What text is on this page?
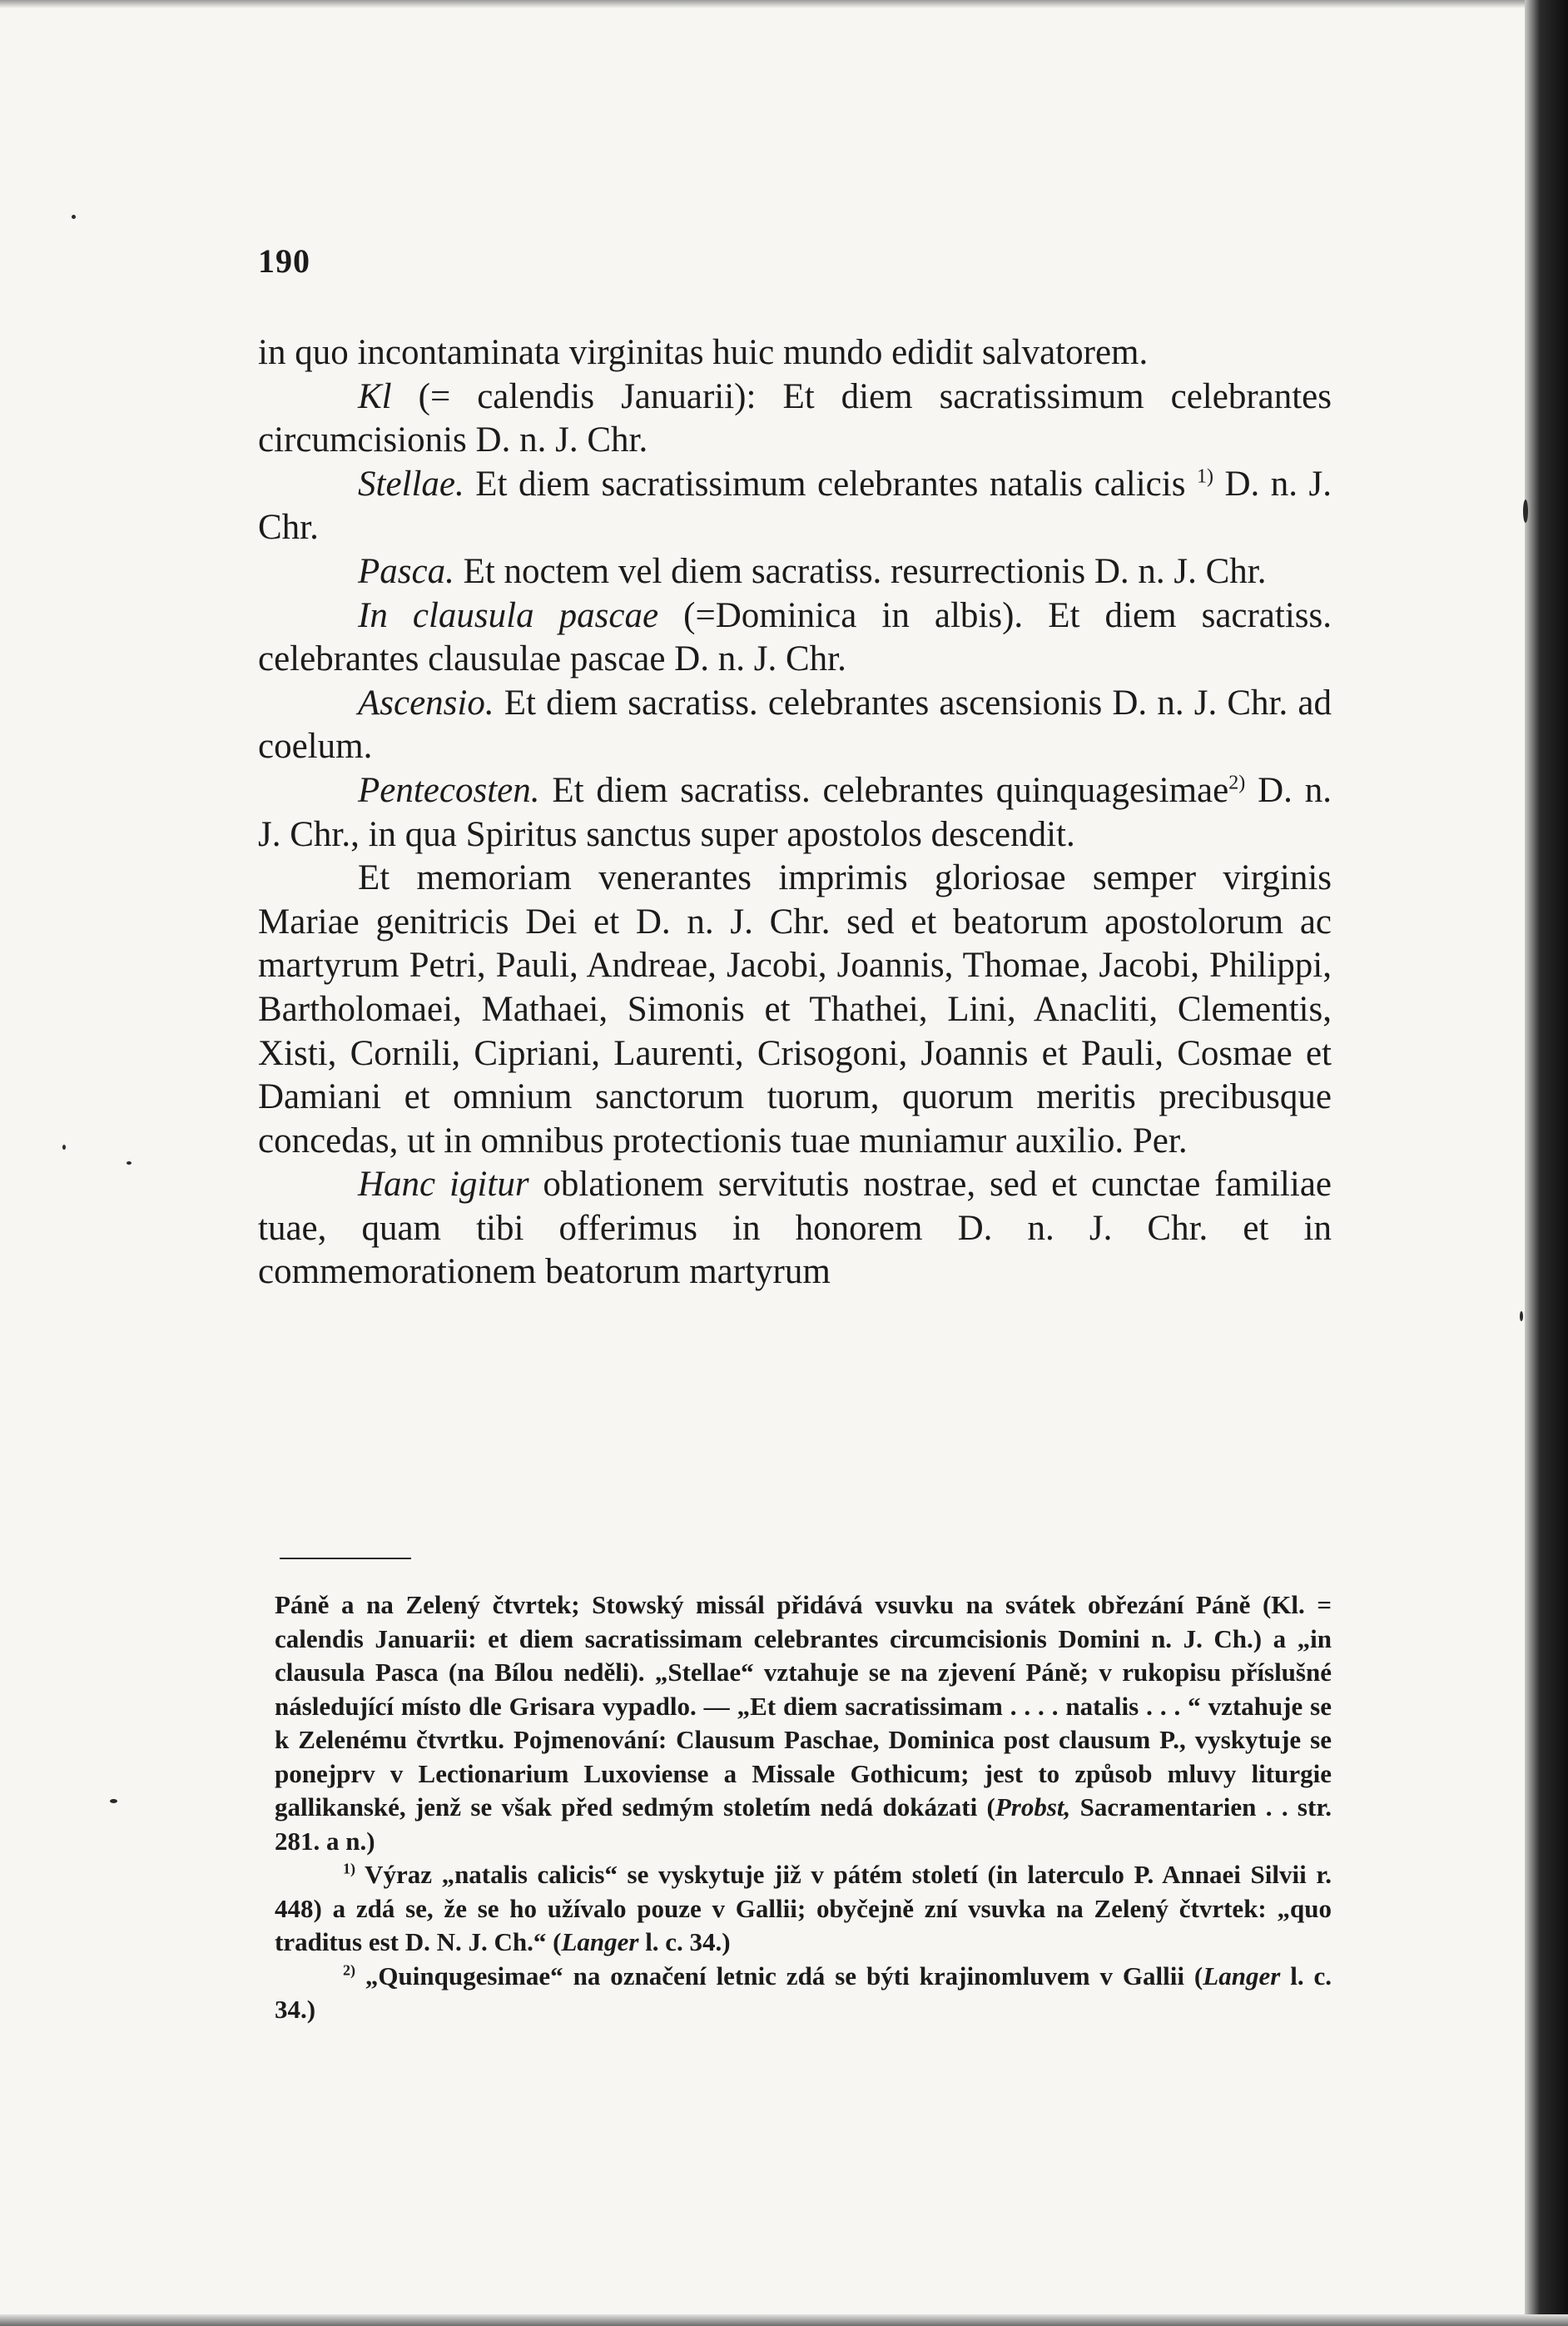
190

in quo incontaminata virginitas huic mundo edidit salvatorem.

Kl (= calendis Januarii): Et diem sacratissimum celebrantes circumcisionis D. n. J. Chr.

Stellae. Et diem sacratissimum celebrantes natalis calicis $^{1)}$ D. n. J. Chr.

Pasca. Et noctem vel diem sacratiss. resurrectionis D. n. J. Chr.

In clausula pascae (=Dominica in albis). Et diem sacratiss. celebrantes clausulae pascae D. n. J. Chr.

Ascensio. Et diem sacratiss. celebrantes ascensionis D. n. J. Chr. ad coelum.

Pentecosten. Et diem sacratiss. celebrantes quinquagesimae$^{2)}$ D. n. J. Chr., in qua Spiritus sanctus super apostolos descendit.

Et memoriam venerantes imprimis gloriosae semper virginis Mariae genitricis Dei et D. n. J. Chr. sed et beatorum apostolorum ac martyrum Petri, Pauli, Andreae, Jacobi, Joannis, Thomae, Jacobi, Philippi, Bartholomaei, Mathaei, Simonis et Thathei, Lini, Anacliti, Clementis, Xisti, Cornili, Cipriani, Laurenti, Crisogoni, Joannis et Pauli, Cosmae et Damiani et omnium sanctorum tuorum, quorum meritis precibusque concedas, ut in omnibus protectionis tuae muniamur auxilio. Per.

Hanc igitur oblationem servitutis nostrae, sed et cunctae familiae tuae, quam tibi offerimus in honorem D. n. J. Chr. et in commemorationem beatorum martyrum

Páně a na Zelený čtvrtek; Stowský missál přidává vsuvku na svátek obřezání Páně (Kl. = calendis Januarii: et diem sacratissimam celebrantes circumcisionis Domini n. J. Ch.) a „in clausula Pasca (na Bílou neděli). „Stellae“ vztahuje se na zjevení Páně; v rukopisu příslušné následující místo dle Grisara vypadlo. — „Et diem sacratissimam . . . . natalis . . . “ vztahuje se k Zelenému čtvrtku. Pojmenování: Clausum Paschae, Dominica post clausum P., vyskytuje se ponejprv v Lectionarium Luxoviense a Missale Gothicum; jest to způsob mluvy liturgie gallikanské, jenž se však před sedmým stoletím nedá dokázati (Probst, Sacramentarien . . str. 281. a n.)

$^{1)}$ Výraz „natalis calicis“ se vyskytuje již v pátém století (in laterculo P. Annaei Silvii r. 448) a zdá se, že se ho užívalo pouze v Gallii; obyčejně zní vsuvka na Zelený čtvrtek: „quo traditus est D. N. J. Ch.“ (Langer l. c. 34.)

$^{2)}$ „Quinqugesimae“ na označení letnic zdá se býti krajinomluvem v Gallii (Langer l. c. 34.)
